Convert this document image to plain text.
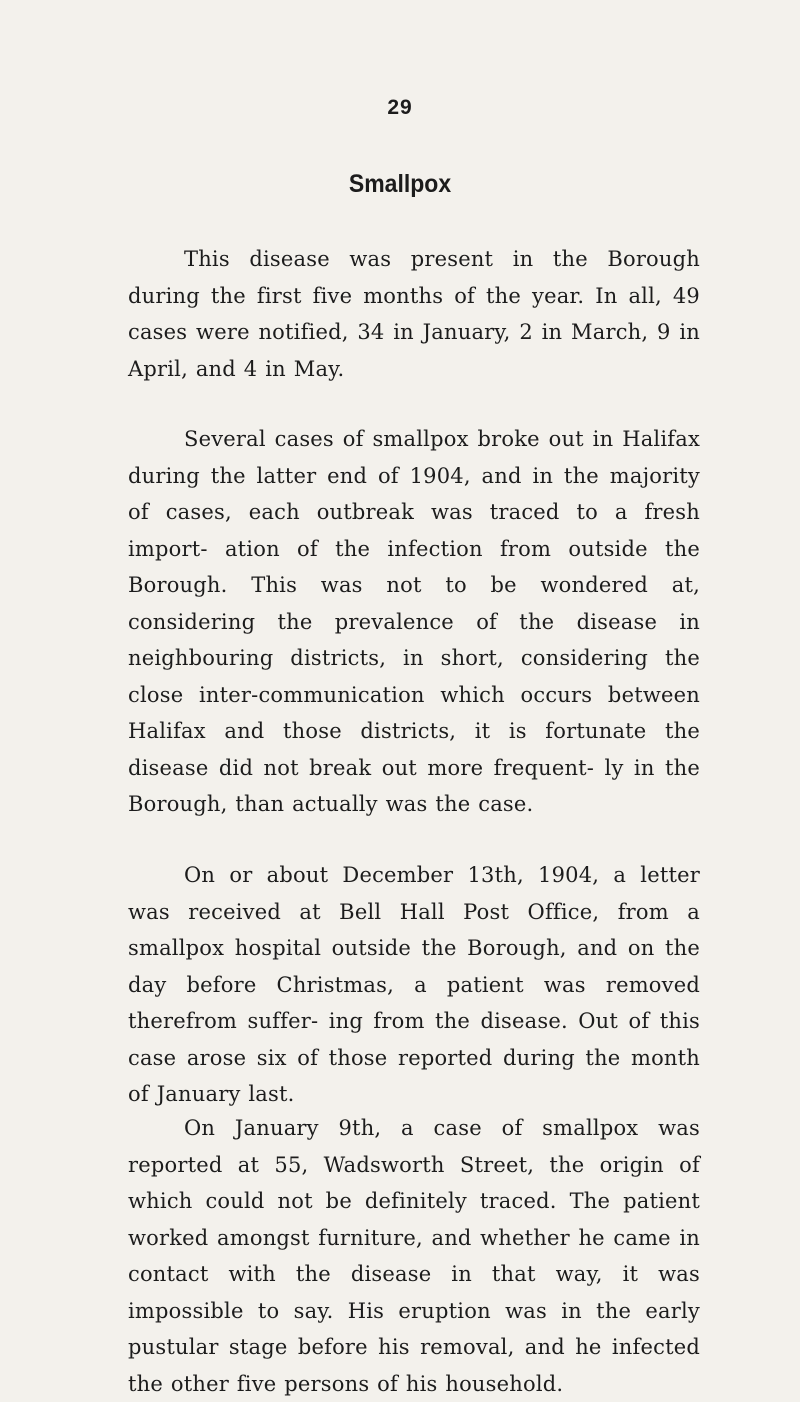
29
Smallpox

This disease was present in the Borough during the first five months of the year. In all, 49 cases were notified, 34 in January, 2 in March, 9 in April, and 4 in May.

Several cases of smallpox broke out in Halifax during the latter end of 1904, and in the majority of cases, each outbreak was traced to a fresh import- ation of the infection from outside the Borough. This was not to be wondered at, considering the prevalence of the disease in neighbouring districts, in short, considering the close inter-communication which occurs between Halifax and those districts, it is fortunate the disease did not break out more frequent- ly in the Borough, than actually was the case.

On or about December 13th, 1904, a letter was received at Bell Hall Post Office, from a smallpox hospital outside the Borough, and on the day before Christmas, a patient was removed therefrom suffer- ing from the disease. Out of this case arose six of those reported during the month of January last.

On January 9th, a case of smallpox was reported at 55, Wadsworth Street, the origin of which could not be definitely traced. The patient worked amongst furniture, and whether he came in contact with the disease in that way, it was impossible to say. His eruption was in the early pustular stage before his removal, and he infected the other five persons of his household.
